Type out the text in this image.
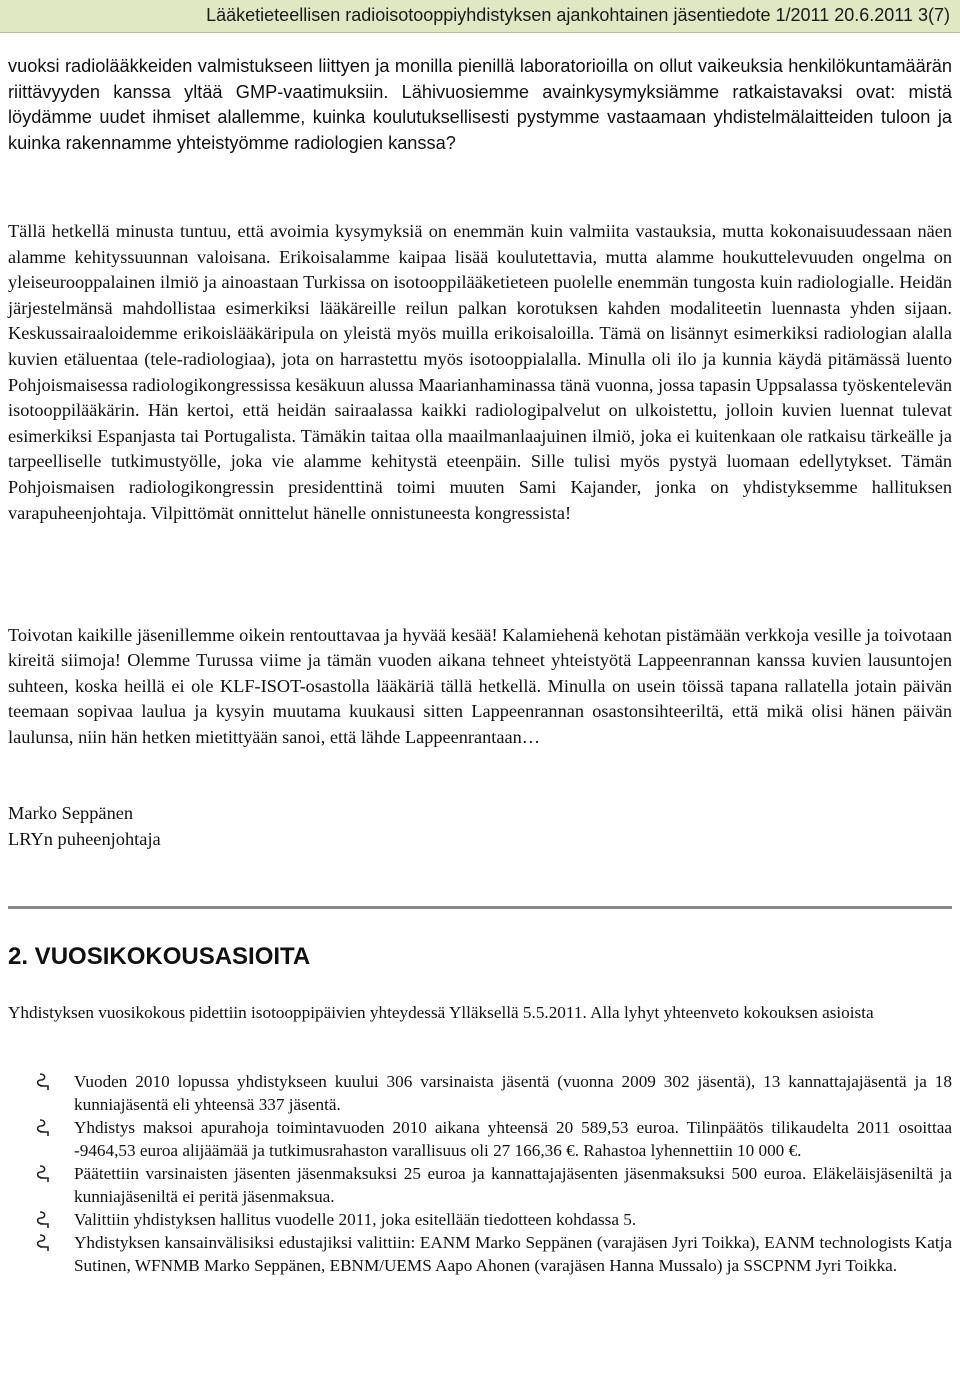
Lääketieteellisen radioisotooppiyhdistyksen ajankohtainen jäsentiedote 1/2011 20.6.2011 3(7)

vuoksi radiolääkkeiden valmistukseen liittyen ja monilla pienillä laboratorioilla on ollut vaikeuksia henkilökuntamäärän riittävyyden kanssa yltää GMP-vaatimuksiin. Lähivuosiemme avainkysymyksiämme ratkaistavaksi ovat: mistä löydämme uudet ihmiset alallemme, kuinka koulutuksellisesti pystymme vastaamaan yhdistelmälaitteiden tuloon ja kuinka rakennamme yhteistyömme radiologien kanssa?

Tällä hetkellä minusta tuntuu, että avoimia kysymyksiä on enemmän kuin valmiita vastauksia, mutta kokonaisuudessaan näen alamme kehityssuunnan valoisana. Erikoisalamme kaipaa lisää koulutettavia, mutta alamme houkuttelevuuden ongelma on yleiseurooppalainen ilmiö ja ainoastaan Turkissa on isotooppilääketieteen puolelle enemmän tungosta kuin radiologialle. Heidän järjestelmänsä mahdollistaa esimerkiksi lääkäreille reilun palkan korotuksen kahden modaliteetin luennasta yhden sijaan. Keskussairaaloidemme erikoislääkäripula on yleistä myös muilla erikoisaloilla. Tämä on lisännyt esimerkiksi radiologian alalla kuvien etäluentaa (tele-radiologiaa), jota on harrastettu myös isotooppialalla. Minulla oli ilo ja kunnia käydä pitämässä luento Pohjoismaisessa radiologikongressissa kesäkuun alussa Maarianhaminassa tänä vuonna, jossa tapasin Uppsalassa työskentelevän isotooppilääkärin. Hän kertoi, että heidän sairaalassa kaikki radiologipalvelut on ulkoistettu, jolloin kuvien luennat tulevat esimerkiksi Espanjasta tai Portugalista. Tämäkin taitaa olla maailmanlaajuinen ilmiö, joka ei kuitenkaan ole ratkaisu tärkeälle ja tarpeelliselle tutkimustyölle, joka vie alamme kehitystä eteenpäin. Sille tulisi myös pystyä luomaan edellytykset. Tämän Pohjoismaisen radiologikongressin presidenttinä toimi muuten Sami Kajander, jonka on yhdistyksemme hallituksen varapuheenjohtaja. Vilpittömät onnittelut hänelle onnistuneesta kongressista!

Toivotan kaikille jäsenillemme oikein rentouttavaa ja hyvää kesää! Kalamiehenä kehotan pistämään verkkoja vesille ja toivotaan kireitä siimoja! Olemme Turussa viime ja tämän vuoden aikana tehneet yhteistyötä Lappeenrannan kanssa kuvien lausuntojen suhteen, koska heillä ei ole KLF-ISOT-osastolla lääkäriä tällä hetkellä. Minulla on usein töissä tapana rallatella jotain päivän teemaan sopivaa laulua ja kysyin muutama kuukausi sitten Lappeenrannan osastonsihteeriltä, että mikä olisi hänen päivän laulunsa, niin hän hetken mietittyään sanoi, että lähde Lappeenrantaan…

Marko Seppänen
LRYn puheenjohtaja
2. VUOSIKOKOUSASIOITA

Yhdistyksen vuosikokous pidettiin isotooppipäivien yhteydessä Ylläksellä 5.5.2011. Alla lyhyt yhteenveto kokouksen asioista

Vuoden 2010 lopussa yhdistykseen kuului 306 varsinaista jäsentä (vuonna 2009 302 jäsentä), 13 kannattajajäsentä ja 18 kunniajäsentä eli yhteensä 337 jäsentä.
Yhdistys maksoi apurahoja toimintavuoden 2010 aikana yhteensä 20 589,53 euroa. Tilinpäätös tilikaudelta 2011 osoittaa -9464,53 euroa alijäämää ja tutkimusrahaston varallisuus oli 27 166,36 €. Rahastoa lyhennettiin 10 000 €.
Päätettiin varsinaisten jäsenten jäsenmaksuksi 25 euroa ja kannattajajäsenten jäsenmaksuksi 500 euroa. Eläkeläisjäseniltä ja kunniajäseniltä ei peritä jäsenmaksua.
Valittiin yhdistyksen hallitus vuodelle 2011, joka esitellään tiedotteen kohdassa 5.
Yhdistyksen kansainvälisiksi edustajiksi valittiin: EANM Marko Seppänen (varajäsen Jyri Toikka), EANM technologists Katja Sutinen, WFNMB Marko Seppänen, EBNM/UEMS Aapo Ahonen (varajäsen Hanna Mussalo) ja SSCPNM Jyri Toikka.
